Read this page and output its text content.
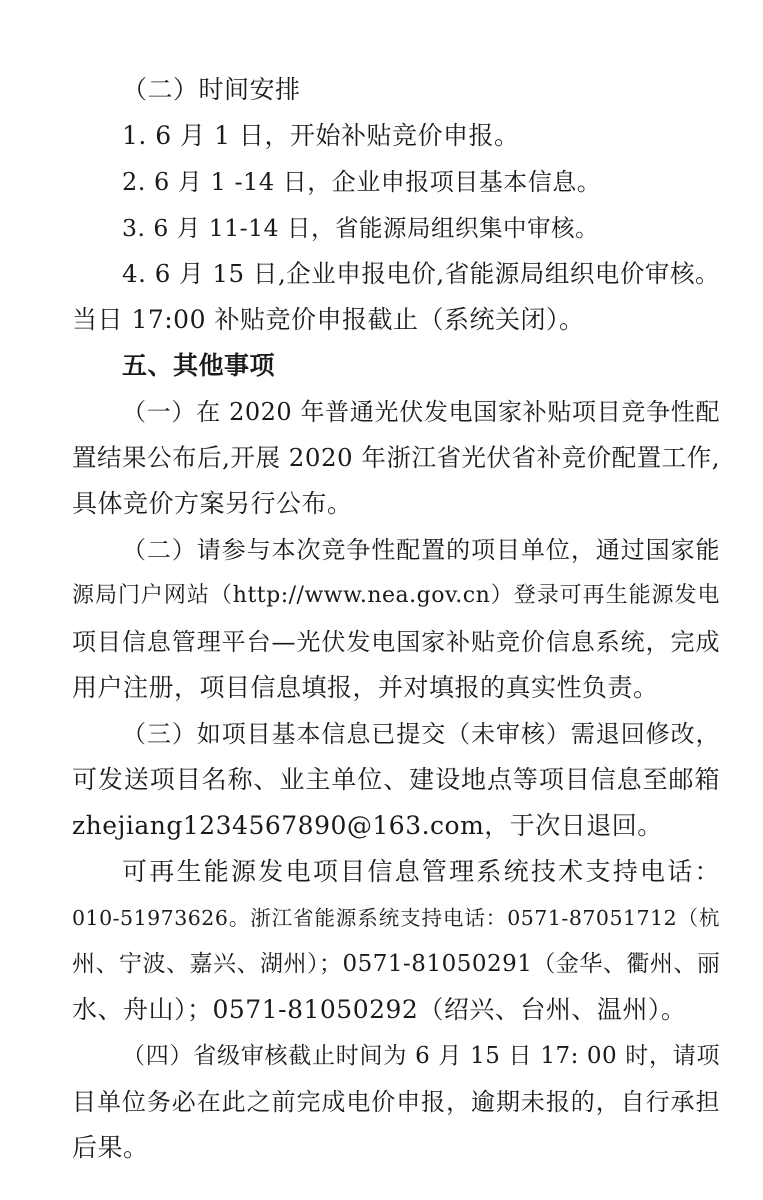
（二）时间安排
1. 6 月 1 日，开始补贴竞价申报。
2. 6 月 1 -14 日，企业申报项目基本信息。
3. 6 月 11-14 日，省能源局组织集中审核。
4. 6 月 15 日,企业申报电价,省能源局组织电价审核。
当日 17:00 补贴竞价申报截止（系统关闭）。
五、其他事项
（一）在 2020 年普通光伏发电国家补贴项目竞争性配
置结果公布后,开展 2020 年浙江省光伏省补竞价配置工作,
具体竞价方案另行公布。
（二）请参与本次竞争性配置的项目单位，通过国家能
源局门户网站（http://www.nea.gov.cn）登录可再生能源发电
项目信息管理平台—光伏发电国家补贴竞价信息系统，完成
用户注册，项目信息填报，并对填报的真实性负责。
（三）如项目基本信息已提交（未审核）需退回修改，
可发送项目名称、业主单位、建设地点等项目信息至邮箱
zhejiang1234567890@163.com，于次日退回。
可再生能源发电项目信息管理系统技术支持电话：
010-51973626。浙江省能源系统支持电话：0571-87051712（杭
州、宁波、嘉兴、湖州）；0571-81050291（金华、衢州、丽
水、舟山）；0571-81050292（绍兴、台州、温州）。
（四）省级审核截止时间为 6 月 15 日 17: 00 时，请项
目单位务必在此之前完成电价申报，逾期未报的，自行承担
后果。
